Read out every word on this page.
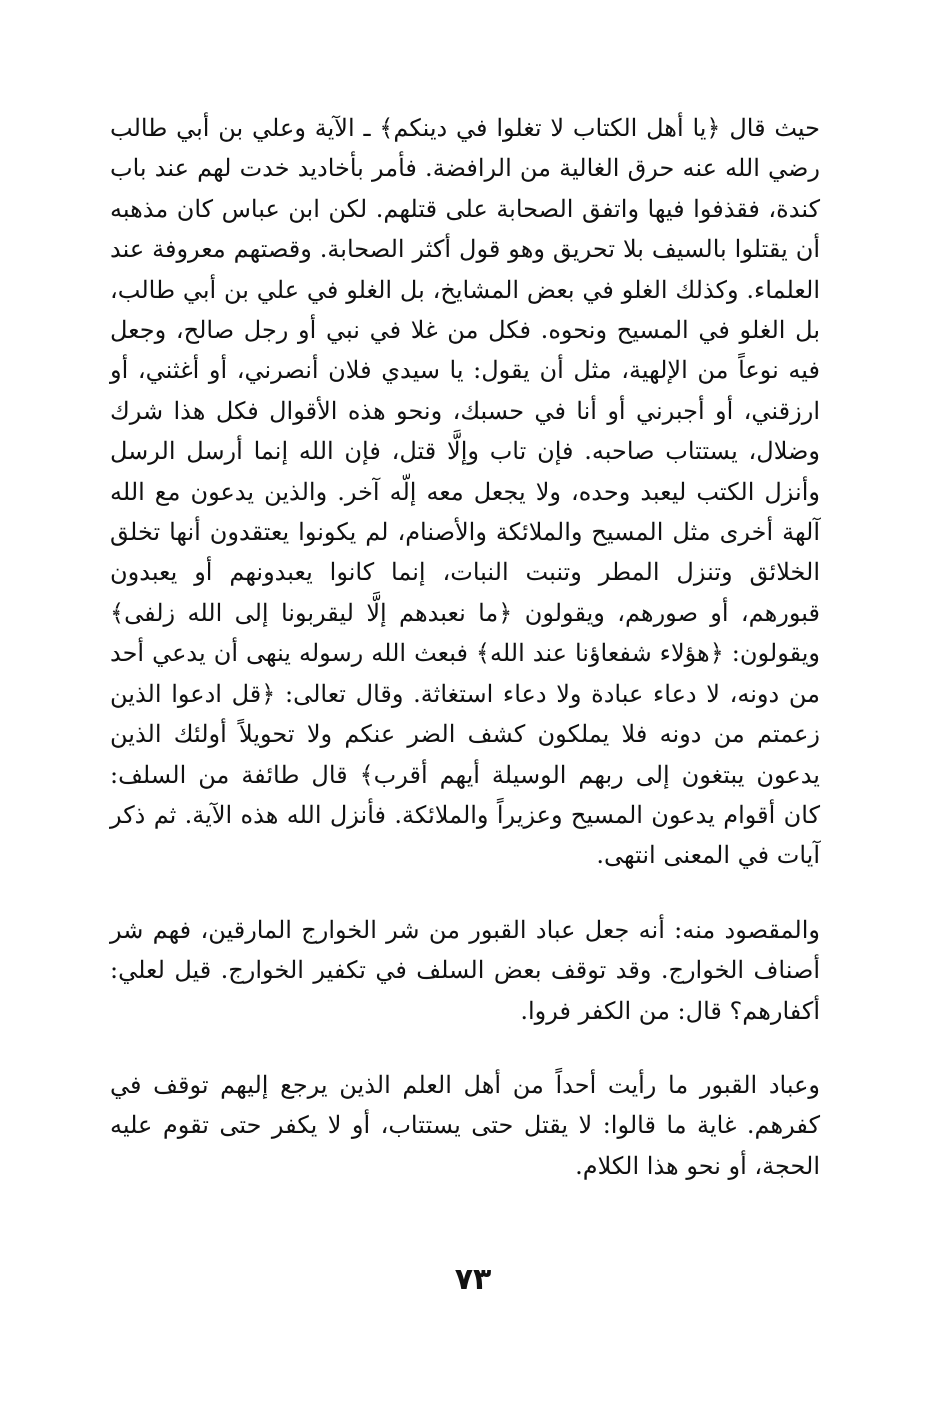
حيث قال ﴿يا أهل الكتاب لا تغلوا في دينكم﴾ ـ الآية وعلي بن أبي طالب رضي الله عنه حرق الغالية من الرافضة. فأمر بأخاديد خدت لهم عند باب كندة، فقذفوا فيها واتفق الصحابة على قتلهم. لكن ابن عباس كان مذهبه أن يقتلوا بالسيف بلا تحريق وهو قول أكثر الصحابة. وقصتهم معروفة عند العلماء. وكذلك الغلو في بعض المشايخ، بل الغلو في علي بن أبي طالب، بل الغلو في المسيح ونحوه. فكل من غلا في نبي أو رجل صالح، وجعل فيه نوعاً من الإلهية، مثل أن يقول: يا سيدي فلان أنصرني، أو أغثني، أو ارزقني، أو أجبرني أو أنا في حسبك، ونحو هذه الأقوال فكل هذا شرك وضلال، يستتاب صاحبه. فإن تاب وإلَّا قتل، فإن الله إنما أرسل الرسل وأنزل الكتب ليعبد وحده، ولا يجعل معه إلّه آخر. والذين يدعون مع الله آلهة أخرى مثل المسيح والملائكة والأصنام، لم يكونوا يعتقدون أنها تخلق الخلائق وتنزل المطر وتنبت النبات، إنما كانوا يعبدونهم أو يعبدون قبورهم، أو صورهم، ويقولون ﴿ما نعبدهم إلَّا ليقربونا إلى الله زلفى﴾ ويقولون: ﴿هؤلاء شفعاؤنا عند الله﴾ فبعث الله رسوله ينهى أن يدعي أحد من دونه، لا دعاء عبادة ولا دعاء استغاثة. وقال تعالى: ﴿قل ادعوا الذين زعمتم من دونه فلا يملكون كشف الضر عنكم ولا تحويلاً أولئك الذين يدعون يبتغون إلى ربهم الوسيلة أيهم أقرب﴾ قال طائفة من السلف: كان أقوام يدعون المسيح وعزيراً والملائكة. فأنزل الله هذه الآية. ثم ذكر آيات في المعنى انتهى.

والمقصود منه: أنه جعل عباد القبور من شر الخوارج المارقين، فهم شر أصناف الخوارج. وقد توقف بعض السلف في تكفير الخوارج. قيل لعلي: أكفارهم؟ قال: من الكفر فروا.

وعباد القبور ما رأيت أحداً من أهل العلم الذين يرجع إليهم توقف في كفرهم. غاية ما قالوا: لا يقتل حتى يستتاب، أو لا يكفر حتى تقوم عليه الحجة، أو نحو هذا الكلام.

٧٣
